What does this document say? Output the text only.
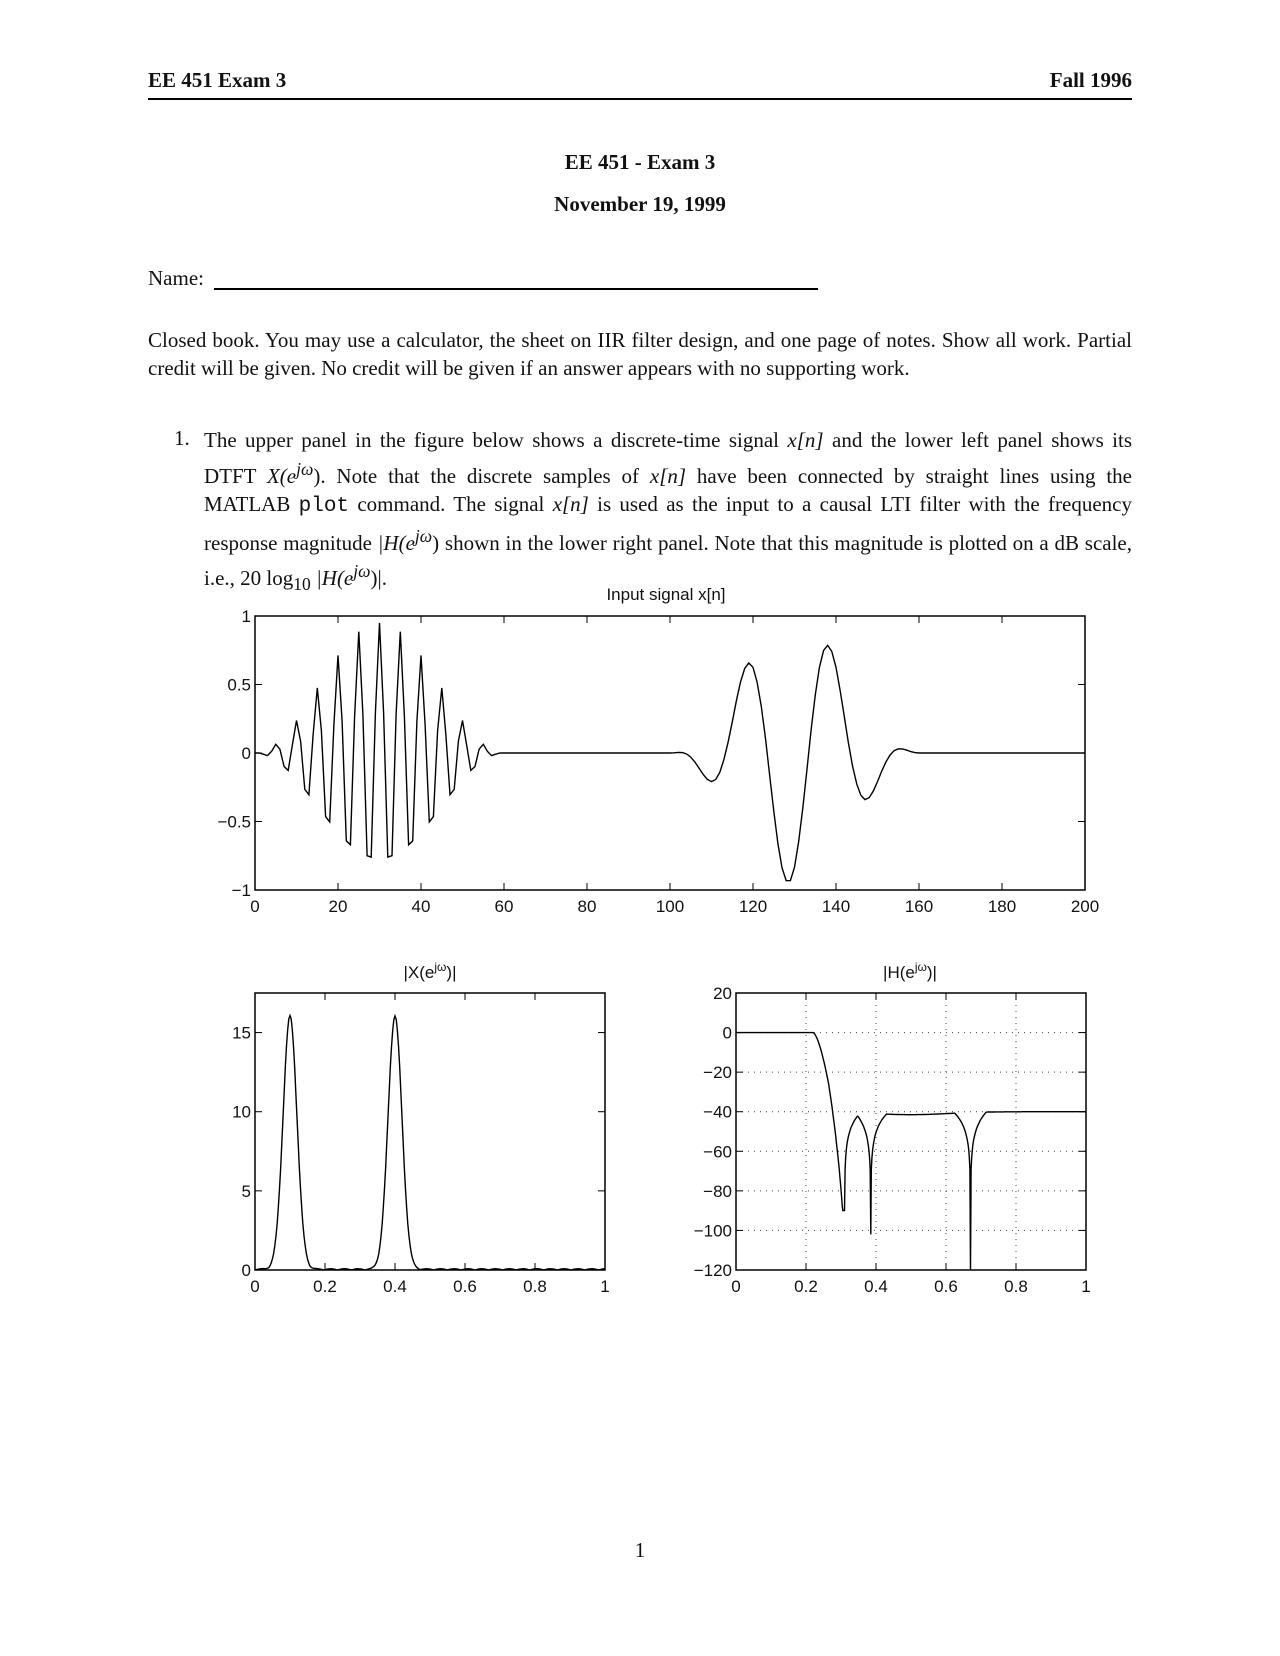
EE 451 Exam 3	Fall 1996
EE 451 - Exam 3
November 19, 1999
Name:
Closed book. You may use a calculator, the sheet on IIR filter design, and one page of notes. Show all work. Partial credit will be given. No credit will be given if an answer appears with no supporting work.
1. The upper panel in the figure below shows a discrete-time signal x[n] and the lower left panel shows its DTFT $X(e^{j\omega})$. Note that the discrete samples of x[n] have been connected by straight lines using the MATLAB plot command. The signal x[n] is used as the input to a causal LTI filter with the frequency response magnitude $|H(e^{j\omega})$ shown in the lower right panel. Note that this magnitude is plotted on a dB scale, i.e., 20 $\log_{10} |H(e^{j\omega})|$.
Input signal x[n]
0	20	40	60	80	100	120	140	160	180	200
1
0.5
0
−0.5
−1
$|X(e^{j\omega})|$
0	0.2	0.4	0.6	0.8	1
15
10
5
0
$|H(e^{j\omega})|$
0	0.2	0.4	0.6	0.8	1
20
0
−20
−40
−60
−80
−100
−120
1
